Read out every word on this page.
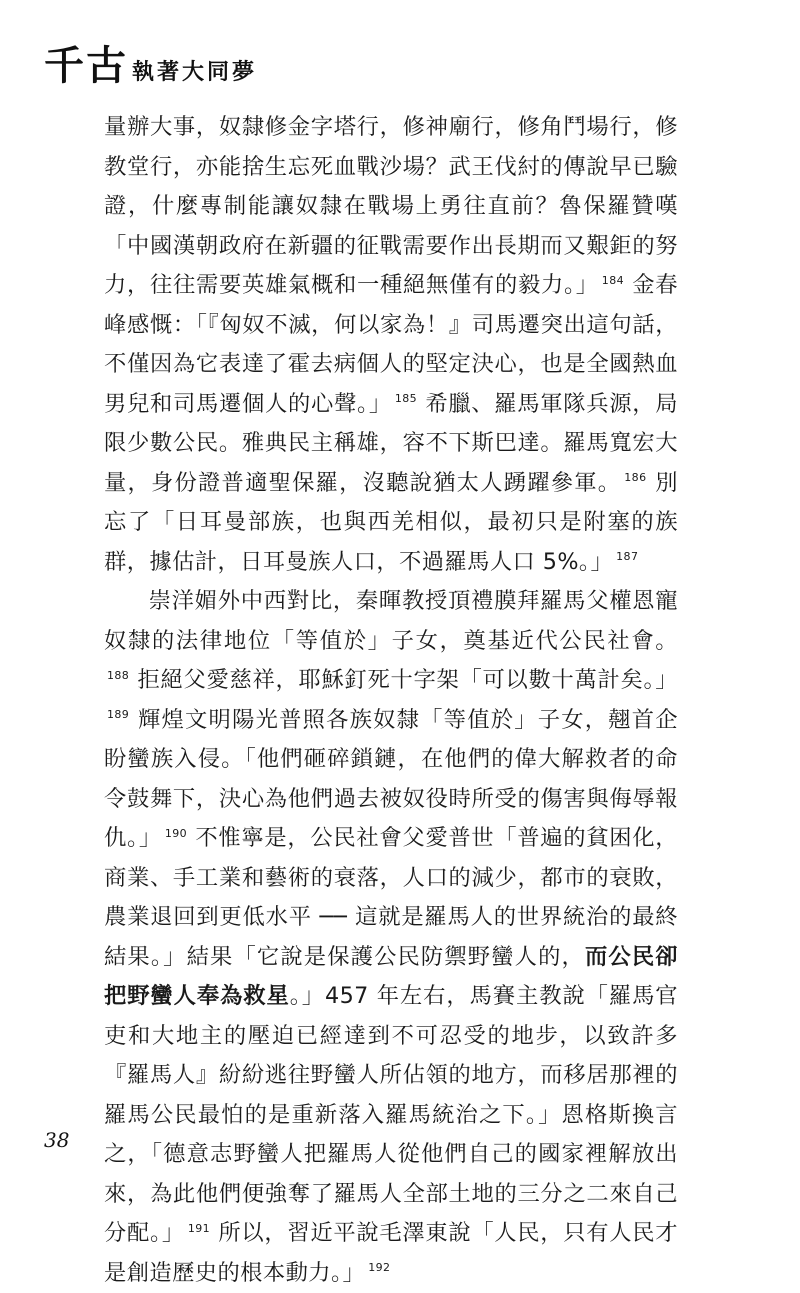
千古 執著大同夢

量辦大事，奴隸修金字塔行，修神廟行，修角鬥場行，修教堂行，亦能捨生忘死血戰沙場？武王伐紂的傳說早已驗證，什麼專制能讓奴隸在戰場上勇往直前？魯保羅贊嘆「中國漢朝政府在新疆的征戰需要作出長期而又艱鉅的努力，往往需要英雄氣概和一種絕無僅有的毅力。」 $^{184}$ 金春峰感慨：「『匈奴不滅，何以家為！』司馬遷突出這句話，不僅因為它表達了霍去病個人的堅定決心，也是全國熱血男兒和司馬遷個人的心聲。」 $^{185}$ 希臘、羅馬軍隊兵源，局限少數公民。雅典民主稱雄，容不下斯巴達。羅馬寬宏大量，身份證普適聖保羅，沒聽說猶太人踴躍參軍。 $^{186}$ 別忘了「日耳曼部族，也與西羌相似，最初只是附塞的族群，據估計，日耳曼族人口，不過羅馬人口 5%。」 $^{187}$

崇洋媚外中西對比，秦暉教授頂禮膜拜羅馬父權恩寵奴隸的法律地位「等值於」子女，奠基近代公民社會。$^{188}$ 拒絕父愛慈祥，耶穌釘死十字架「可以數十萬計矣。」$^{189}$ 輝煌文明陽光普照各族奴隸「等值於」子女，翹首企盼蠻族入侵。「他們砸碎鎖鏈，在他們的偉大解救者的命令鼓舞下，決心為他們過去被奴役時所受的傷害與侮辱報仇。」 $^{190}$ 不惟寧是，公民社會父愛普世「普遍的貧困化，商業、手工業和藝術的衰落，人口的減少，都市的衰敗，農業退回到更低水平 ── 這就是羅馬人的世界統治的最終結果。」結果「它說是保護公民防禦野蠻人的，而公民卻把野蠻人奉為救星。」457 年左右，馬賽主教說「羅馬官吏和大地主的壓迫已經達到不可忍受的地步，以致許多『羅馬人』紛紛逃往野蠻人所佔領的地方，而移居那裡的羅馬公民最怕的是重新落入羅馬統治之下。」恩格斯換言之，「德意志野蠻人把羅馬人從他們自己的國家裡解放出來，為此他們便強奪了羅馬人全部土地的三分之二來自己分配。」 $^{191}$ 所以，習近平說毛澤東說「人民，只有人民才是創造歷史的根本動力。」 $^{192}$

38
